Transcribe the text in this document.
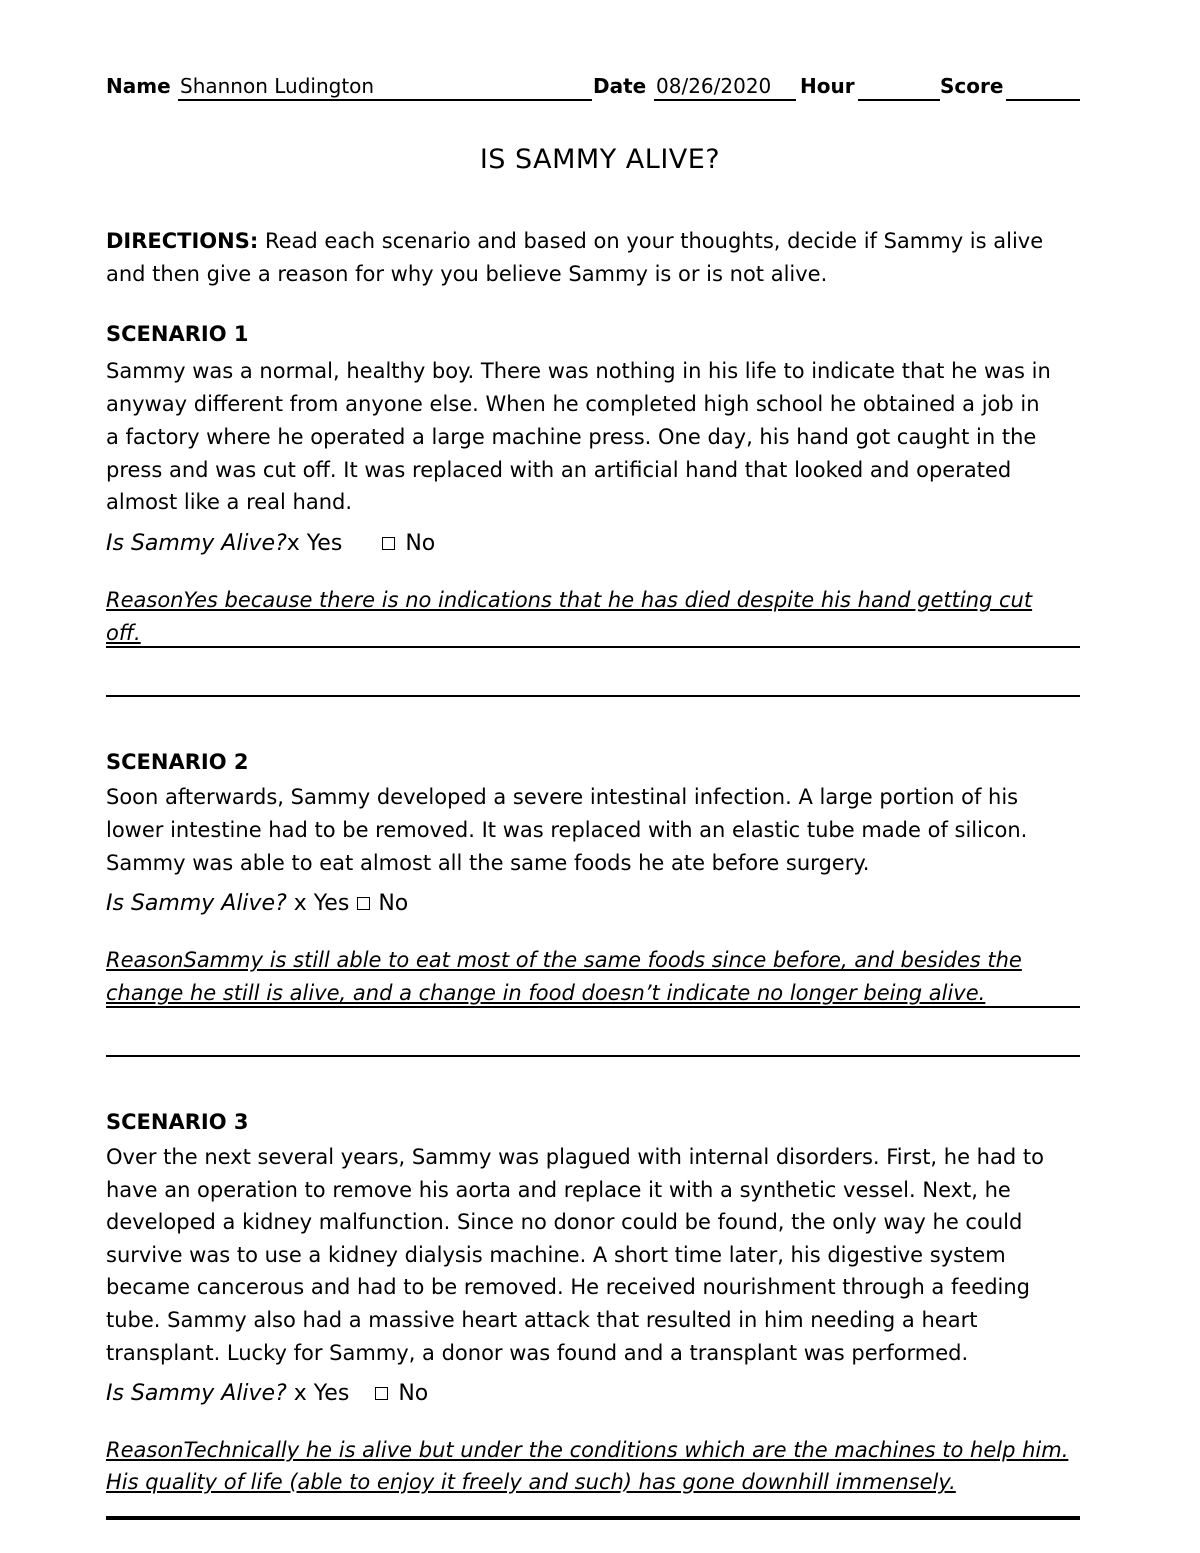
Name Shannon Ludington	Date 08/26/2020 Hour	Score
IS SAMMY ALIVE?
DIRECTIONS: Read each scenario and based on your thoughts, decide if Sammy is alive
and then give a reason for why you believe Sammy is or is not alive.
SCENARIO 1
Sammy was a normal, healthy boy. There was nothing in his life to indicate that he was in
anyway different from anyone else. When he completed high school he obtained a job in
a factory where he operated a large machine press. One day, his hand got caught in the
press and was cut off. It was replaced with an artificial hand that looked and operated
almost like a real hand.
Is Sammy Alive?x Yes	No
ReasonYes because there is no indications that he has died despite his hand getting cut
off.
SCENARIO 2
Soon afterwards, Sammy developed a severe intestinal infection. A large portion of his
lower intestine had to be removed. It was replaced with an elastic tube made of silicon.
Sammy was able to eat almost all the same foods he ate before surgery.
Is Sammy Alive? x Yes No
ReasonSammy is still able to eat most of the same foods since before, and besides the
change he still is alive, and a change in food doesn’t indicate no longer being alive.
SCENARIO 3
Over the next several years, Sammy was plagued with internal disorders. First, he had to
have an operation to remove his aorta and replace it with a synthetic vessel. Next, he
developed a kidney malfunction. Since no donor could be found, the only way he could
survive was to use a kidney dialysis machine. A short time later, his digestive system
became cancerous and had to be removed. He received nourishment through a feeding
tube. Sammy also had a massive heart attack that resulted in him needing a heart
transplant. Lucky for Sammy, a donor was found and a transplant was performed.
Is Sammy Alive? x Yes No
ReasonTechnically he is alive but under the conditions which are the machines to help him.
His quality of life (able to enjoy it freely and such) has gone downhill immensely.
